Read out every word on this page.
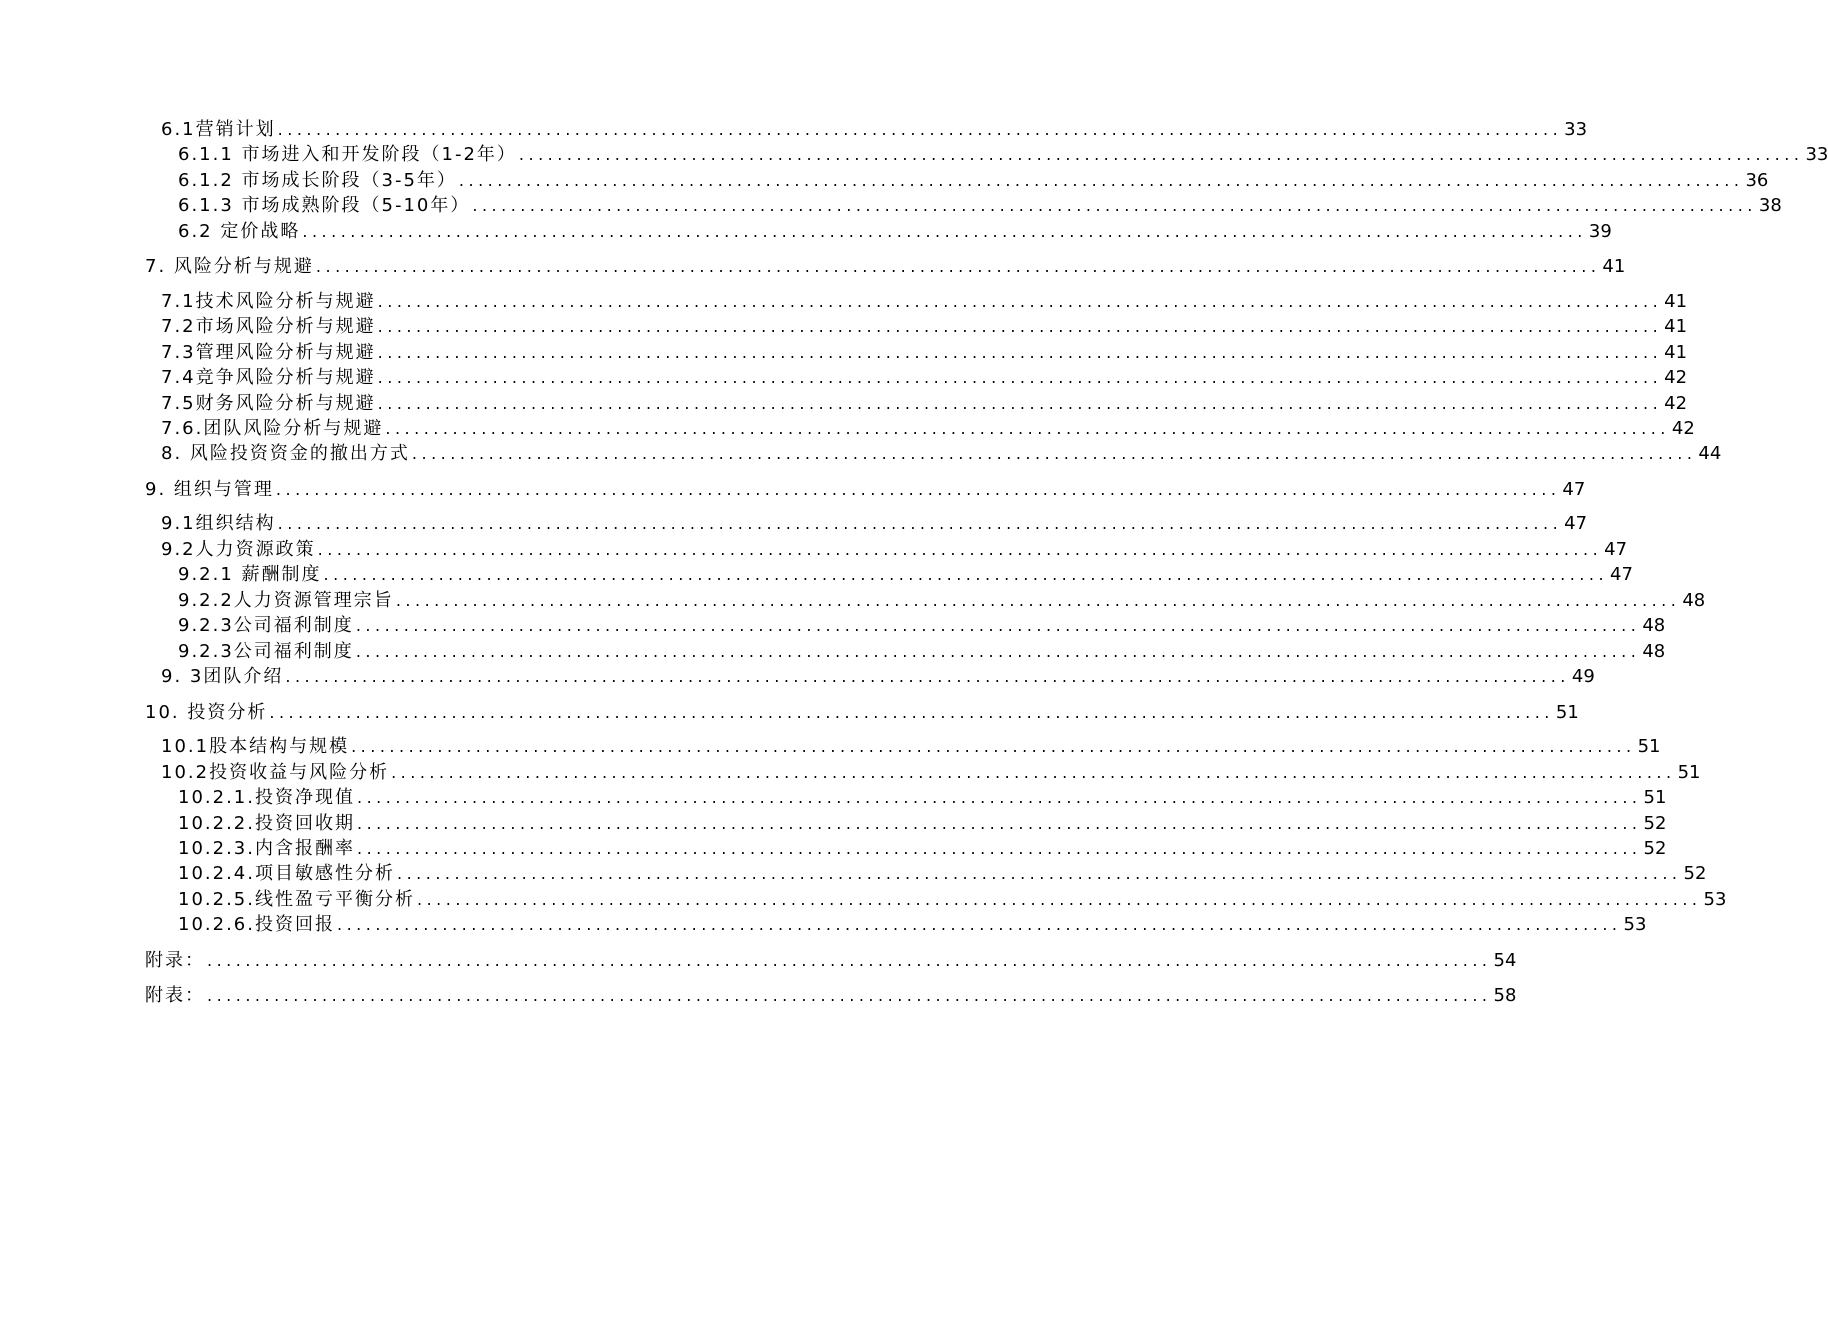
6.1营销计划 ...................................................................................................................................... 33
6.1.1 市场进入和开发阶段（1-2年） ...................................................................................................................................... 33
6.1.2 市场成长阶段（3-5年） ...................................................................................................................................... 36
6.1.3 市场成熟阶段（5-10年） ...................................................................................................................................... 38
6.2 定价战略 ...................................................................................................................................... 39
7. 风险分析与规避 ...................................................................................................................................... 41
7.1技术风险分析与规避 ...................................................................................................................................... 41
7.2市场风险分析与规避 ...................................................................................................................................... 41
7.3管理风险分析与规避 ...................................................................................................................................... 41
7.4竞争风险分析与规避 ...................................................................................................................................... 42
7.5财务风险分析与规避 ...................................................................................................................................... 42
7.6.团队风险分析与规避 ...................................................................................................................................... 42
8. 风险投资资金的撤出方式 ...................................................................................................................................... 44
9. 组织与管理 ...................................................................................................................................... 47
9.1组织结构 ...................................................................................................................................... 47
9.2人力资源政策 ...................................................................................................................................... 47
9.2.1 薪酬制度 ...................................................................................................................................... 47
9.2.2人力资源管理宗旨 ...................................................................................................................................... 48
9.2.3公司福利制度 ...................................................................................................................................... 48
9.2.3公司福利制度 ...................................................................................................................................... 48
9. 3团队介绍 ...................................................................................................................................... 49
10. 投资分析 ...................................................................................................................................... 51
10.1股本结构与规模 ...................................................................................................................................... 51
10.2投资收益与风险分析 ...................................................................................................................................... 51
10.2.1.投资净现值 ...................................................................................................................................... 51
10.2.2.投资回收期 ...................................................................................................................................... 52
10.2.3.内含报酬率 ...................................................................................................................................... 52
10.2.4.项目敏感性分析 ...................................................................................................................................... 52
10.2.5.线性盈亏平衡分析 ...................................................................................................................................... 53
10.2.6.投资回报 ...................................................................................................................................... 53
附录： ...................................................................................................................................... 54
附表： ...................................................................................................................................... 58
